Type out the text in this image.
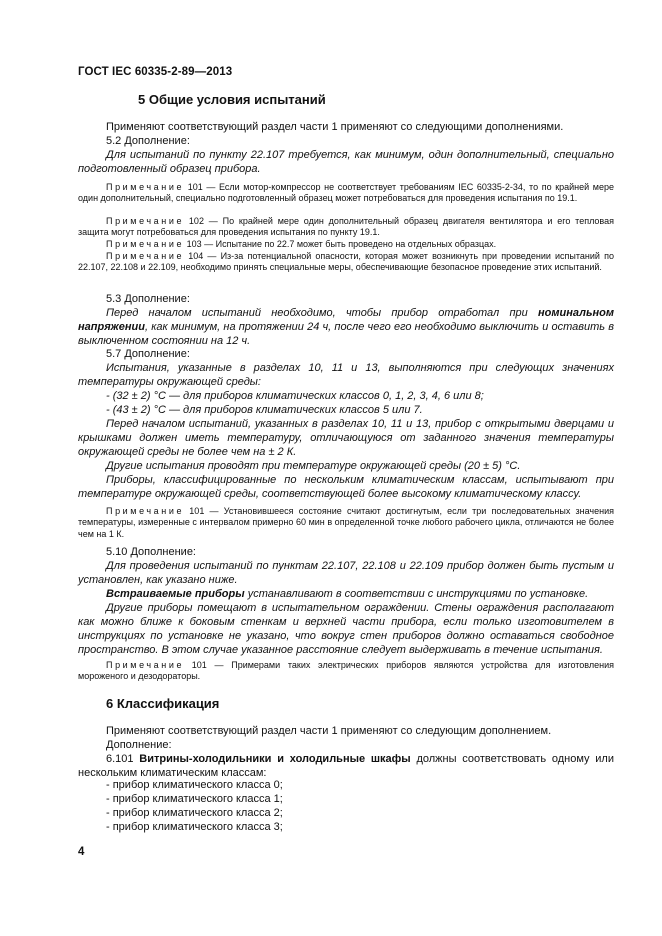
ГОСТ IEC 60335-2-89—2013
5 Общие условия испытаний
Применяют соответствующий раздел части 1 применяют со следующими дополнениями.
5.2 Дополнение:
Для испытаний по пункту 22.107 требуется, как минимум, один дополнительный, специально подготовленный образец прибора.
Примечание 101 — Если мотор-компрессор не соответствует требованиям IEC 60335-2-34, то по крайней мере один дополнительный, специально подготовленный образец может потребоваться для проведения испытания по 19.1.
Примечание 102 — По крайней мере один дополнительный образец двигателя вентилятора и его тепловая защита могут потребоваться для проведения испытания по пункту 19.1.
Примечание 103 — Испытание по 22.7 может быть проведено на отдельных образцах.
Примечание 104 — Из-за потенциальной опасности, которая может возникнуть при проведении испытаний по 22.107, 22.108 и 22.109, необходимо принять специальные меры, обеспечивающие безопасное проведение этих испытаний.
5.3 Дополнение:
Перед началом испытаний необходимо, чтобы прибор отработал при номинальном напряжении, как минимум, на протяжении 24 ч, после чего его необходимо выключить и оставить в выключенном состоянии на 12 ч.
5.7 Дополнение:
Испытания, указанные в разделах 10, 11 и 13, выполняются при следующих значениях температуры окружающей среды:
- (32 ± 2) °С — для приборов климатических классов 0, 1, 2, 3, 4, 6 или 8;
- (43 ± 2) °С — для приборов климатических классов 5 или 7.
Перед началом испытаний, указанных в разделах 10, 11 и 13, прибор с открытыми дверцами и крышками должен иметь температуру, отличающуюся от заданного значения температуры окружающей среды не более чем на ± 2 К.
Другие испытания проводят при температуре окружающей среды (20 ± 5) °С.
Приборы, классифицированные по нескольким климатическим классам, испытывают при температуре окружающей среды, соответствующей более высокому климатическому классу.
Примечание 101 — Установившееся состояние считают достигнутым, если три последовательных значения температуры, измеренные с интервалом примерно 60 мин в определенной точке любого рабочего цикла, отличаются не более чем на 1 К.
5.10 Дополнение:
Для проведения испытаний по пунктам 22.107, 22.108 и 22.109 прибор должен быть пустым и установлен, как указано ниже.
Встраиваемые приборы устанавливают в соответствии с инструкциями по установке.
Другие приборы помещают в испытательном ограждении. Стены ограждения располагают как можно ближе к боковым стенкам и верхней части прибора, если только изготовителем в инструкциях по установке не указано, что вокруг стен приборов должно оставаться свободное пространство. В этом случае указанное расстояние следует выдерживать в течение испытания.
Примечание 101 — Примерами таких электрических приборов являются устройства для изготовления мороженого и дезодораторы.
6 Классификация
Применяют соответствующий раздел части 1 применяют со следующим дополнением.
Дополнение:
6.101 Витрины-холодильники и холодильные шкафы должны соответствовать одному или нескольким климатическим классам:
- прибор климатического класса 0;
- прибор климатического класса 1;
- прибор климатического класса 2;
- прибор климатического класса 3;
4
